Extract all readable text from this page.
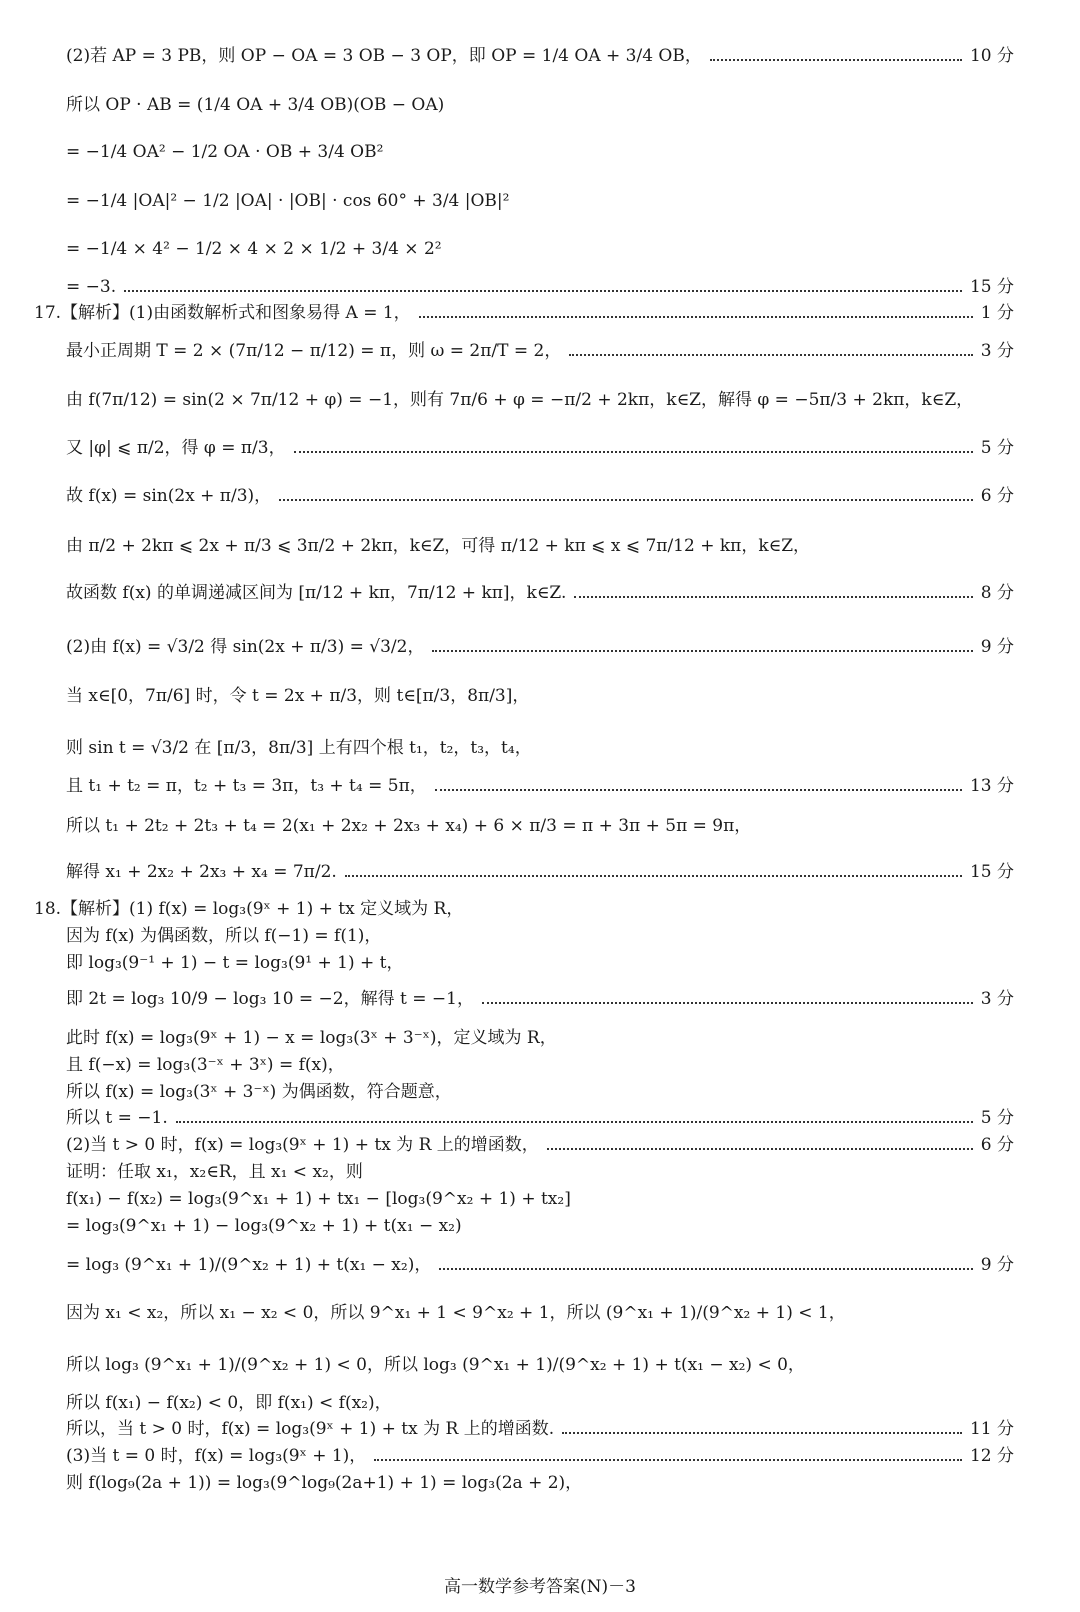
(2)若 AP = 3 PB，则 OP − OA = 3 OB − 3 OP，即 OP = 1/4 OA + 3/4 OB，	10 分
所以 OP · AB = (1/4 OA + 3/4 OB)(OB − OA)
= −1/4 OA² − 1/2 OA · OB + 3/4 OB²
= −1/4 |OA|² − 1/2 |OA| · |OB| · cos 60° + 3/4 |OB|²
= −1/4 × 4² − 1/2 × 4 × 2 × 1/2 + 3/4 × 2²
= −3.	15 分
17.【解析】(1)由函数解析式和图象易得 A = 1，	1 分
最小正周期 T = 2 × (7π/12 − π/12) = π，则 ω = 2π/T = 2，	3 分
由 f(7π/12) = sin(2 × 7π/12 + φ) = −1，则有 7π/6 + φ = −π/2 + 2kπ，k∈Z，解得 φ = −5π/3 + 2kπ，k∈Z，
又 |φ| ⩽ π/2，得 φ = π/3，	5 分
故 f(x) = sin(2x + π/3)，	6 分
由 π/2 + 2kπ ⩽ 2x + π/3 ⩽ 3π/2 + 2kπ，k∈Z，可得 π/12 + kπ ⩽ x ⩽ 7π/12 + kπ，k∈Z，
故函数 f(x) 的单调递减区间为 [π/12 + kπ，7π/12 + kπ]，k∈Z.	8 分
(2)由 f(x) = √3/2 得 sin(2x + π/3) = √3/2，	9 分
当 x∈[0，7π/6] 时，令 t = 2x + π/3，则 t∈[π/3，8π/3]，
则 sin t = √3/2 在 [π/3，8π/3] 上有四个根 t₁，t₂，t₃，t₄，
且 t₁ + t₂ = π，t₂ + t₃ = 3π，t₃ + t₄ = 5π，	13 分
所以 t₁ + 2t₂ + 2t₃ + t₄ = 2(x₁ + 2x₂ + 2x₃ + x₄) + 6 × π/3 = π + 3π + 5π = 9π，
解得 x₁ + 2x₂ + 2x₃ + x₄ = 7π/2.	15 分
18.【解析】(1) f(x) = log₃(9ˣ + 1) + tx 定义域为 R，
因为 f(x) 为偶函数，所以 f(−1) = f(1)，
即 log₃(9⁻¹ + 1) − t = log₃(9¹ + 1) + t，
即 2t = log₃ 10/9 − log₃ 10 = −2，解得 t = −1，	3 分
此时 f(x) = log₃(9ˣ + 1) − x = log₃(3ˣ + 3⁻ˣ)，定义域为 R，
且 f(−x) = log₃(3⁻ˣ + 3ˣ) = f(x)，
所以 f(x) = log₃(3ˣ + 3⁻ˣ) 为偶函数，符合题意，
所以 t = −1.	5 分
(2)当 t > 0 时，f(x) = log₃(9ˣ + 1) + tx 为 R 上的增函数，	6 分
证明：任取 x₁，x₂∈R，且 x₁ < x₂，则
f(x₁) − f(x₂) = log₃(9^x₁ + 1) + tx₁ − [log₃(9^x₂ + 1) + tx₂]
= log₃(9^x₁ + 1) − log₃(9^x₂ + 1) + t(x₁ − x₂)
= log₃ (9^x₁ + 1)/(9^x₂ + 1) + t(x₁ − x₂)，	9 分
因为 x₁ < x₂，所以 x₁ − x₂ < 0，所以 9^x₁ + 1 < 9^x₂ + 1，所以 (9^x₁ + 1)/(9^x₂ + 1) < 1，
所以 log₃ (9^x₁ + 1)/(9^x₂ + 1) < 0，所以 log₃ (9^x₁ + 1)/(9^x₂ + 1) + t(x₁ − x₂) < 0，
所以 f(x₁) − f(x₂) < 0，即 f(x₁) < f(x₂)，
所以，当 t > 0 时，f(x) = log₃(9ˣ + 1) + tx 为 R 上的增函数.	11 分
(3)当 t = 0 时，f(x) = log₃(9ˣ + 1)，	12 分
则 f(log₉(2a + 1)) = log₃(9^log₉(2a+1) + 1) = log₃(2a + 2)，
高一数学参考答案(N)－3
